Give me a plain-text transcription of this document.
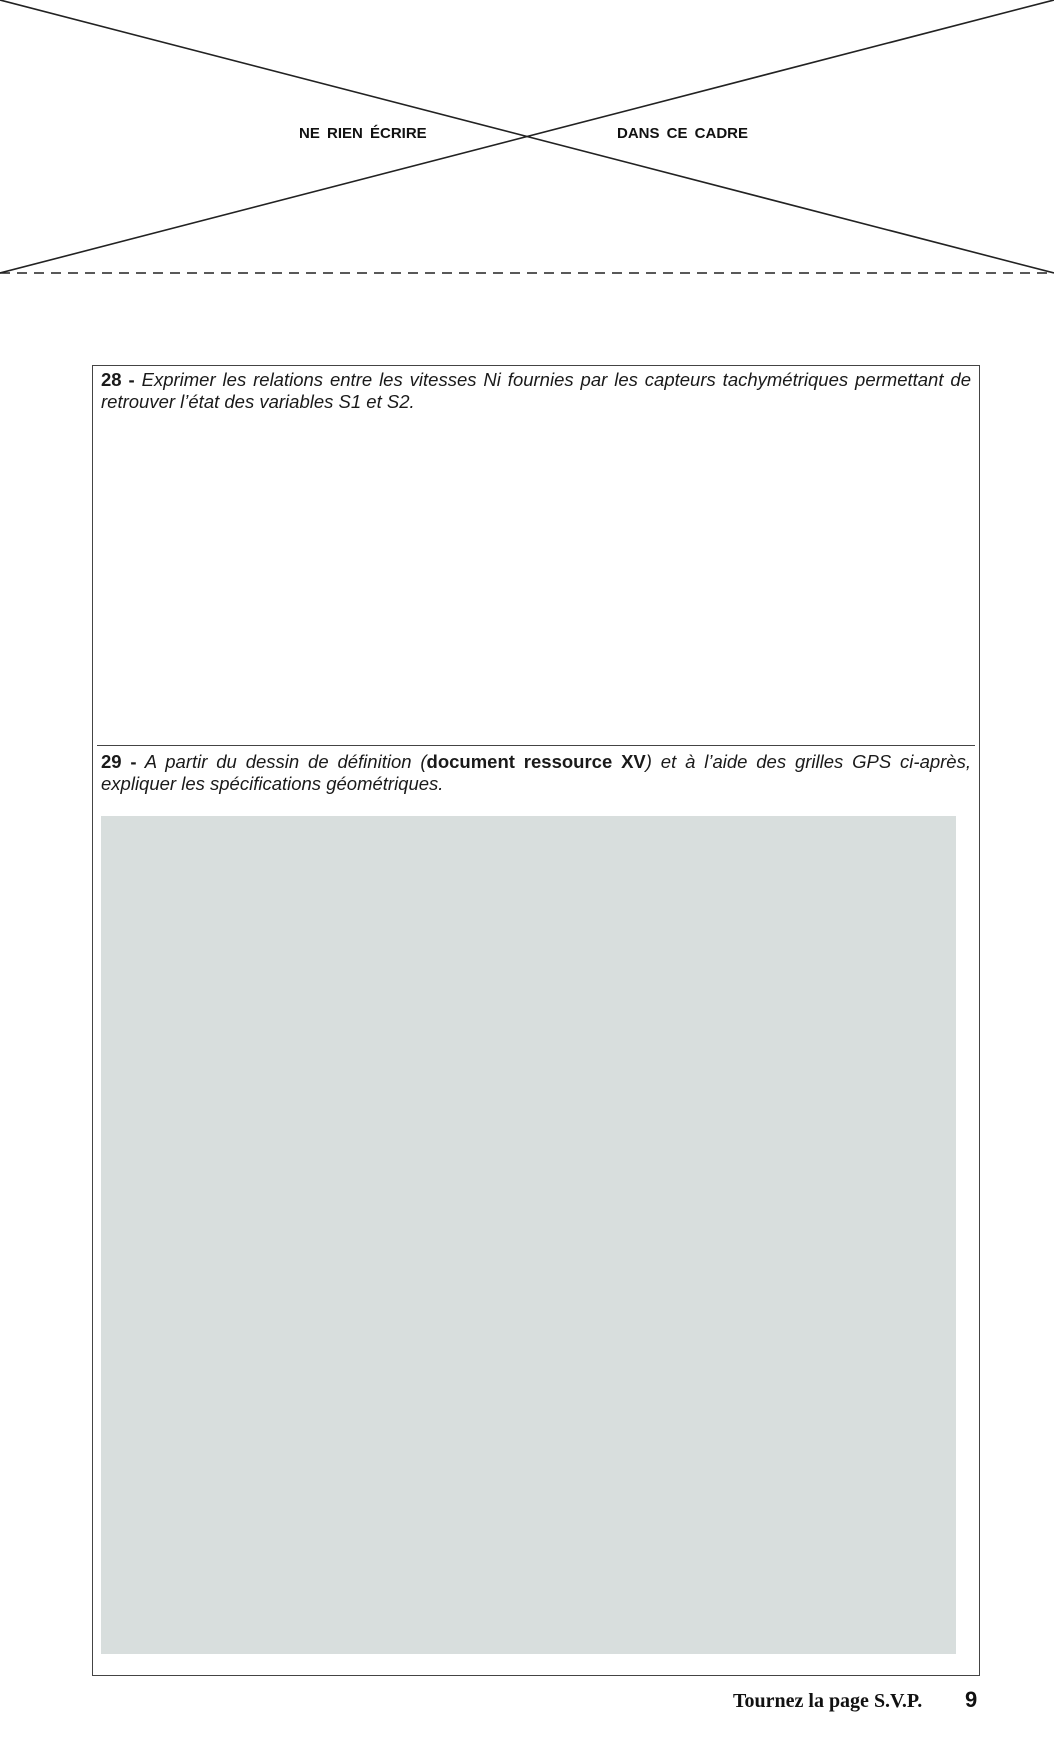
NE RIEN ÉCRIRE	DANS CE CADRE
28 - Exprimer les relations entre les vitesses Ni fournies par les capteurs tachymétriques permettant de retrouver l’état des variables S1 et S2.
29 - A partir du dessin de définition (document ressource XV) et à l’aide des grilles GPS ci-après, expliquer les spécifications géométriques.
Tournez la page S.V.P. 9
